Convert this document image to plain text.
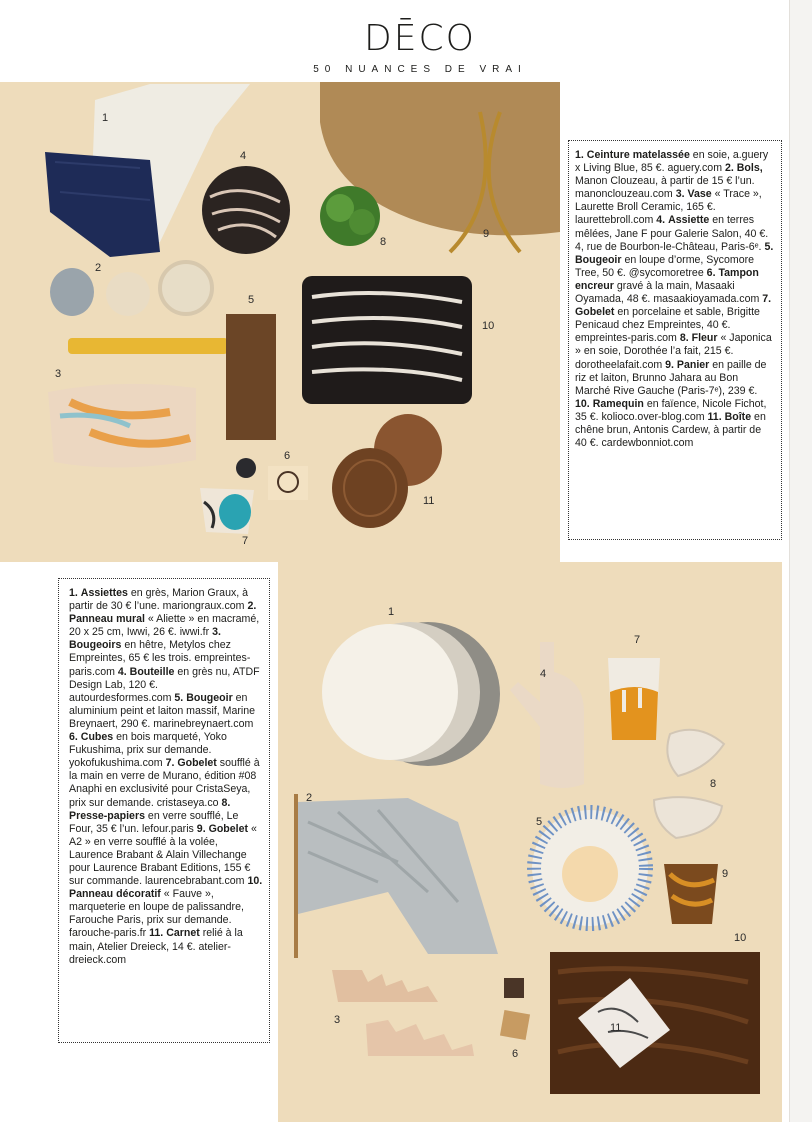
DĒCO
50 NUANCES DE VRAI
1
2
3
4
5
6
7
8
9
10
11

1. Ceinture matelassée en soie, a.guery x Living Blue, 85 €. aguery.com 2. Bols, Manon Clouzeau, à partir de 15 € l’un. manonclouzeau.com 3. Vase « Trace », Laurette Broll Ceramic, 165 €. laurettebroll.com 4. Assiette en terres mêlées, Jane F pour Galerie Salon, 40 €. 4, rue de Bourbon-le-Château, Paris-6ᵉ. 5. Bougeoir en loupe d’orme, Sycomore Tree, 50 €. @sycomoretree 6. Tampon encreur gravé à la main, Masaaki Oyamada, 48 €. masaakioyamada.com 7. Gobelet en porcelaine et sable, Brigitte Penicaud chez Empreintes, 40 €. empreintes-paris.com 8. Fleur « Japonica » en soie, Dorothée l’a fait, 215 €. dorotheelafait.com 9. Panier en paille de riz et laiton, Brunno Jahara au Bon Marché Rive Gauche (Paris-7ᵉ), 239 €. 10. Ramequin en faïence, Nicole Fichot, 35 €. kolioco.over-blog.com 11. Boîte en chêne brun, Antonis Cardew, à partir de 40 €. cardewbonniot.com

1. Assiettes en grès, Marion Graux, à partir de 30 € l’une. mariongraux.com 2. Panneau mural « Aliette » en macramé, 20 x 25 cm, Iwwi, 26 €. iwwi.fr 3. Bougeoirs en hêtre, Metylos chez Empreintes, 65 € les trois. empreintes-paris.com 4. Bouteille en grès nu, ATDF Design Lab, 120 €. autourdesformes.com 5. Bougeoir en aluminium peint et laiton massif, Marine Breynaert, 290 €. marinebreynaert.com 6. Cubes en bois marqueté, Yoko Fukushima, prix sur demande. yokofukushima.com 7. Gobelet soufflé à la main en verre de Murano, édition #08 Anaphi en exclusivité pour CristaSeya, prix sur demande. cristaseya.co 8. Presse-papiers en verre soufflé, Le Four, 35 € l’un. lefour.paris 9. Gobelet « A2 » en verre soufflé à la volée, Laurence Brabant & Alain Villechange pour Laurence Brabant Editions, 155 € sur commande. laurencebrabant.com 10. Panneau décoratif « Fauve », marqueterie en loupe de palissandre, Farouche Paris, prix sur demande. farouche-paris.fr 11. Carnet relié à la main, Atelier Dreieck, 14 €. atelier-dreieck.com

1
2
3
4
5
6
7
8
9
10
11
